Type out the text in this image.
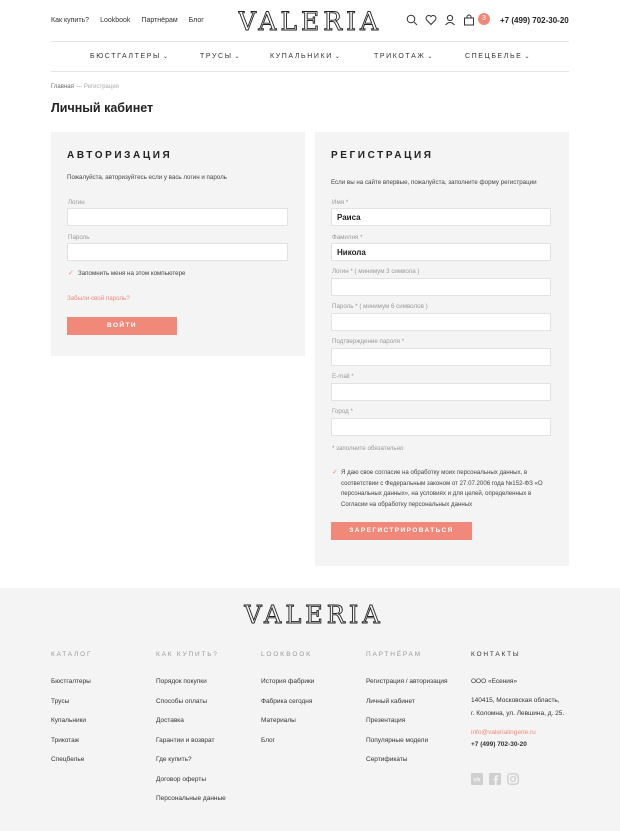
Как купить? Lookbook Партнёрам Блог VALERIA	3	+7 (499) 702-30-20
БЮСТГАЛТЕРЫ ⌄	ТРУСЫ ⌄	КУПАЛЬНИКИ ⌄	ТРИКОТАЖ ⌄	СПЕЦБЕЛЬЕ ⌄
Главная — Регистрация
Личный кабинет
АВТОРИЗАЦИЯ
Пожалуйста, авторизуйтесь если у вась логин и пароль
Логин
Пароль
✓ Запомнить меня на этом компьютере
Забыли свой пароль?
ВОЙТИ
РЕГИСТРАЦИЯ
Если вы на сайте впервые, пожалуйста, заполните форму регистрации
Имя *
Раиса
Фамилия *
Никола
Логин * ( минимум 3 символа )
Пароль * ( минимум 6 символов )
Подтверждение пароля *
E-mail *
Город *
* заполните обязательно
✓ Я даю свое согласие на обработку моих персональных данных, в соответствии с Федеральным законом от 27.07.2006 года №152-ФЗ «О персональных данных», на условиях и для целей, определенных в Согласии на обработку персональных данных
ЗАРЕГИСТРИРОВАТЬСЯ
VALERIA
КАТАЛОГ
Бюстгалтеры
Трусы
Купальники
Трикотаж
Спецбелье
КАК КУПИТЬ?
Порядок покупки
Способы оплаты
Доставка
Гарантии и возврат
Где купить?
Договор оферты
Персональные данные
LOOKBOOK
История фабрики
Фабрика сегодня
Материалы
Блог
ПАРТНЁРАМ
Регистрация / авторизация
Личный кабинет
Презентация
Популярные модели
Сертификаты
КОНТАКТЫ
ООО «Есения»
140415, Московская область,
г. Коломна, ул. Левшина, д. 25.
info@valerialingerie.ru
+7 (499) 702-30-20
vk
